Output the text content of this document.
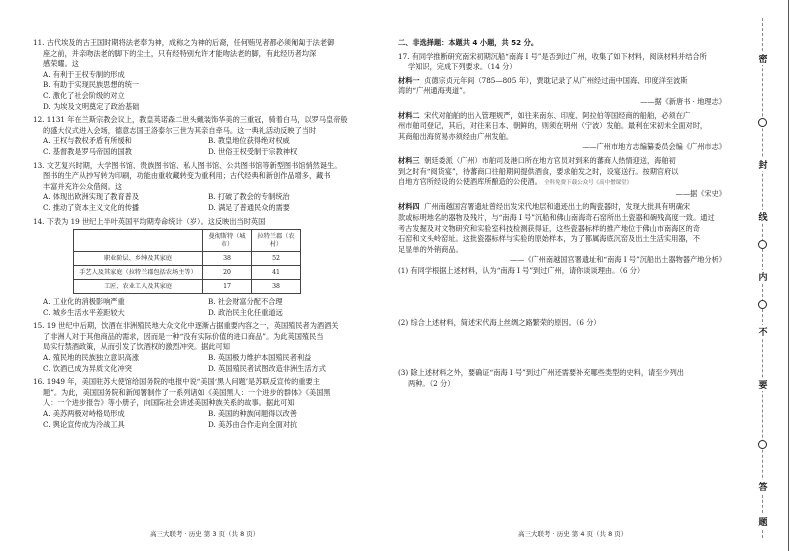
11. 古代埃及的古王国时期将法老奉为神，成称之为神的后裔，任何贿见者都必须匍匐于法老御
座之前，并亲吻法老的脚下的尘土，只有经特别允许才能吻法老的脚，有此经历者均深
感荣耀。这
A. 有利于王权专制的形成
B. 有助于实现民族思想的统一
C. 激化了社会阶级的对立
D. 为埃及文明奠定了政治基础
12. 1131 年在兰斯宗教会议上，教皇英诺森二世头戴装饰华美的三重冠，骑着白马，以罗马皇帝般
的盛大仪式进入会场，德意志国王洛泰尔三世为其亲自牵马。这一典礼活动反映了当时
A. 王权与教权矛盾有所缓和	B. 教皇地位获得绝对权威
C. 基督教是罗马帝国的国教	D. 世俗王权受制于宗教神权
13. 文艺复兴时期，大学图书馆、贵族图书馆、私人图书馆、公共图书馆等新型图书馆悄然诞生。
图书的生产从抄写转为印刷，功能由重收藏转变为重利用；古代经典和新创作品增多，藏书
丰富并充许公众借阅。这
A. 体现出欧洲实现了教育普及	B. 打破了教会的专制统治
C. 推动了资本主义文化的传播	D. 满足了普通民众的需要
14. 下表为 19 世纪上半叶英国平均期寿命统计（岁）。这反映出当时英国
	曼彻斯特（城市）	拉特兰郡（农村）
职业阶层、乡绅及其家庭	38	52
手艺人及其家庭（拉特兰郡包括农场主等）	20	41
工匠、农业工人及其家庭	17	38
A. 工业化的消极影响严重	B. 社会财富分配不合理
C. 城乡生活水平差距较大	D. 政治民主化任重道远
15. 19 世纪中后期，饮酒在非洲殖民地大众文化中逐渐占据重要内容之一，英国殖民者为酒酒关
了非洲人对于其他商品的需求，因而是一种“没有实际价值的进口商品”。为此英国殖民当
局实行禁酒政策，从而引发了饮酒权的激烈冲突。据此可知
A. 殖民地的民族独立意识高涨	B. 英国极力维护本国殖民者利益
C. 饮酒已成为异质文化冲突	D. 英国殖民者试图改造非洲生活方式
16. 1949 年，美国驻苏大使馆给国务院的电报中说“美国‘黑人问题’是苏联反宣传的重要主
题”。为此，美国国务院和新闻署制作了一系列诸如《美国黑人：一个进步的群体》《美国黑
人：一个进步报告》等小册子，向国际社会讲述美国种族关系的故事。据此可知
A. 美苏两极对峙格局形成	B. 美国的种族问题得以改善
C. 舆论宣传成为冷战工具	D. 美苏由合作走向全面对抗
高三大联考 · 历史 第 3 页（共 8 页）
二、非选择题：本题共 4 小题，共 52 分。
17. 有同学推断研究南宋初期沉船“南海 I 号”是否到过广州，收集了如下材料，阅读材料并结合所
学知识，完成下列要求。（14 分）
材料一 贞德宗贞元年间（785—805 年），贾耽记录了从广州经过南中国海、印度洋至波斯
湾的“广州通海夷道”。
——据《新唐书 · 地理志》
材料二 宋代对舶舶的出入管理规严，如往来南东、印度、阿拉伯等国经商的船舶，必须在广
州市舶司登记，其后，对往来日本、朝鲜的，则须在明州（宁波）发舶。最利在宋初未全面对时，
其商船出海贸易亦须经由广州发舶。
——广州市地方志编纂委员会编《广州市志》
材料三 朝廷委派（广州）市舶司及港口所在地方官员对到来的蕃商人热情迎送，海舶初
到之时有“阅货宴”，待蕃商口往船期间提供酒食，要求舶发之时，设宴送行。按期官府以
自地方官所经设的公使酒库所酿造的公使酒。 全科免费下载公众号《高中僧课堂》
——据《宋史》
材料四 广州南越国宫署遗址曾经出发宋代地层和遗迹出土的陶瓷器时，发现大批具有明确宋
款或标明地名的器物及残片，与“南海 I 号”沉船和佛山南海奇石窑所出土瓷器和碗残高度一致。通过
考古发掘及对文物研究和实验室科技检测获得证，这些瓷器标样的推产地位于佛山市南海区的奇
石窑和文头岭窑址。这批瓷器标样与实验的原始样本，为了都属海底沉窑及出土生活实用器，不
足显单的外销商品。
——《广州南越国宫署遗址和“南海 I 号”沉船出土器物器产地分析》
(1) 有同学根据上述材料，认为“南海 I 号”到过广州，请你谈谈理由。（6 分）
(2) 综合上述材料，简述宋代海上丝绸之路繁荣的原因。（6 分）
(3) 除上述材料之外，要确证“南海 I 号”到过广州还需要补充哪些类型的史料，请至少列出
两种。（2 分）
高三大联考 · 历史 第 4 页（共 8 页）
密
封
线
内
不
要
答
题
